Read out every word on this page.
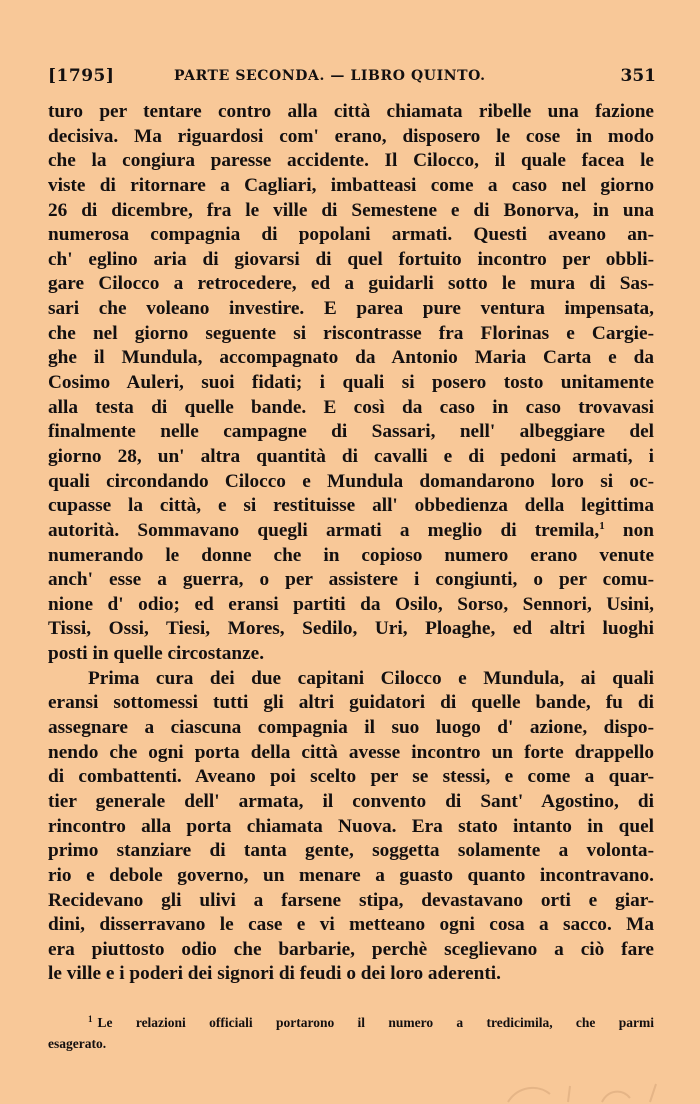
[1795]	PARTE SECONDA. — LIBRO QUINTO.	351
turo per tentare contro alla città chiamata ribelle una fazione
decisiva. Ma riguardosi com' erano, disposero le cose in modo
che la congiura paresse accidente. Il Cilocco, il quale facea le
viste di ritornare a Cagliari, imbatteasi come a caso nel giorno
26 di dicembre, fra le ville di Semestene e di Bonorva, in una
numerosa compagnia di popolani armati. Questi aveano an-
ch' eglino aria di giovarsi di quel fortuito incontro per obbli-
gare Cilocco a retrocedere, ed a guidarli sotto le mura di Sas-
sari che voleano investire. E parea pure ventura impensata,
che nel giorno seguente si riscontrasse fra Florinas e Cargie-
ghe il Mundula, accompagnato da Antonio Maria Carta e da
Cosimo Auleri, suoi fidati; i quali si posero tosto unitamente
alla testa di quelle bande. E così da caso in caso trovavasi
finalmente nelle campagne di Sassari, nell' albeggiare del
giorno 28, un' altra quantità di cavalli e di pedoni armati, i
quali circondando Cilocco e Mundula domandarono loro si oc-
cupasse la città, e si restituisse all' obbedienza della legittima
autorità. Sommavano quegli armati a meglio di tremila,$^1$ non
numerando le donne che in copioso numero erano venute
anch' esse a guerra, o per assistere i congiunti, o per comu-
nione d' odio; ed eransi partiti da Osilo, Sorso, Sennori, Usini,
Tissi, Ossi, Tiesi, Mores, Sedilo, Uri, Ploaghe, ed altri luoghi
posti in quelle circostanze.
Prima cura dei due capitani Cilocco e Mundula, ai quali
eransi sottomessi tutti gli altri guidatori di quelle bande, fu di
assegnare a ciascuna compagnia il suo luogo d' azione, dispo-
nendo che ogni porta della città avesse incontro un forte drappello
di combattenti. Aveano poi scelto per se stessi, e come a quar-
tier generale dell' armata, il convento di Sant' Agostino, di
rincontro alla porta chiamata Nuova. Era stato intanto in quel
primo stanziare di tanta gente, soggetta solamente a volonta-
rio e debole governo, un menare a guasto quanto incontravano.
Recidevano gli ulivi a farsene stipa, devastavano orti e giar-
dini, disserravano le case e vi metteano ogni cosa a sacco. Ma
era piuttosto odio che barbarie, perchè sceglievano a ciò fare
le ville e i poderi dei signori di feudi o dei loro aderenti.
$^1$ Le relazioni officiali portarono il numero a tredicimila, che parmi
esagerato.
